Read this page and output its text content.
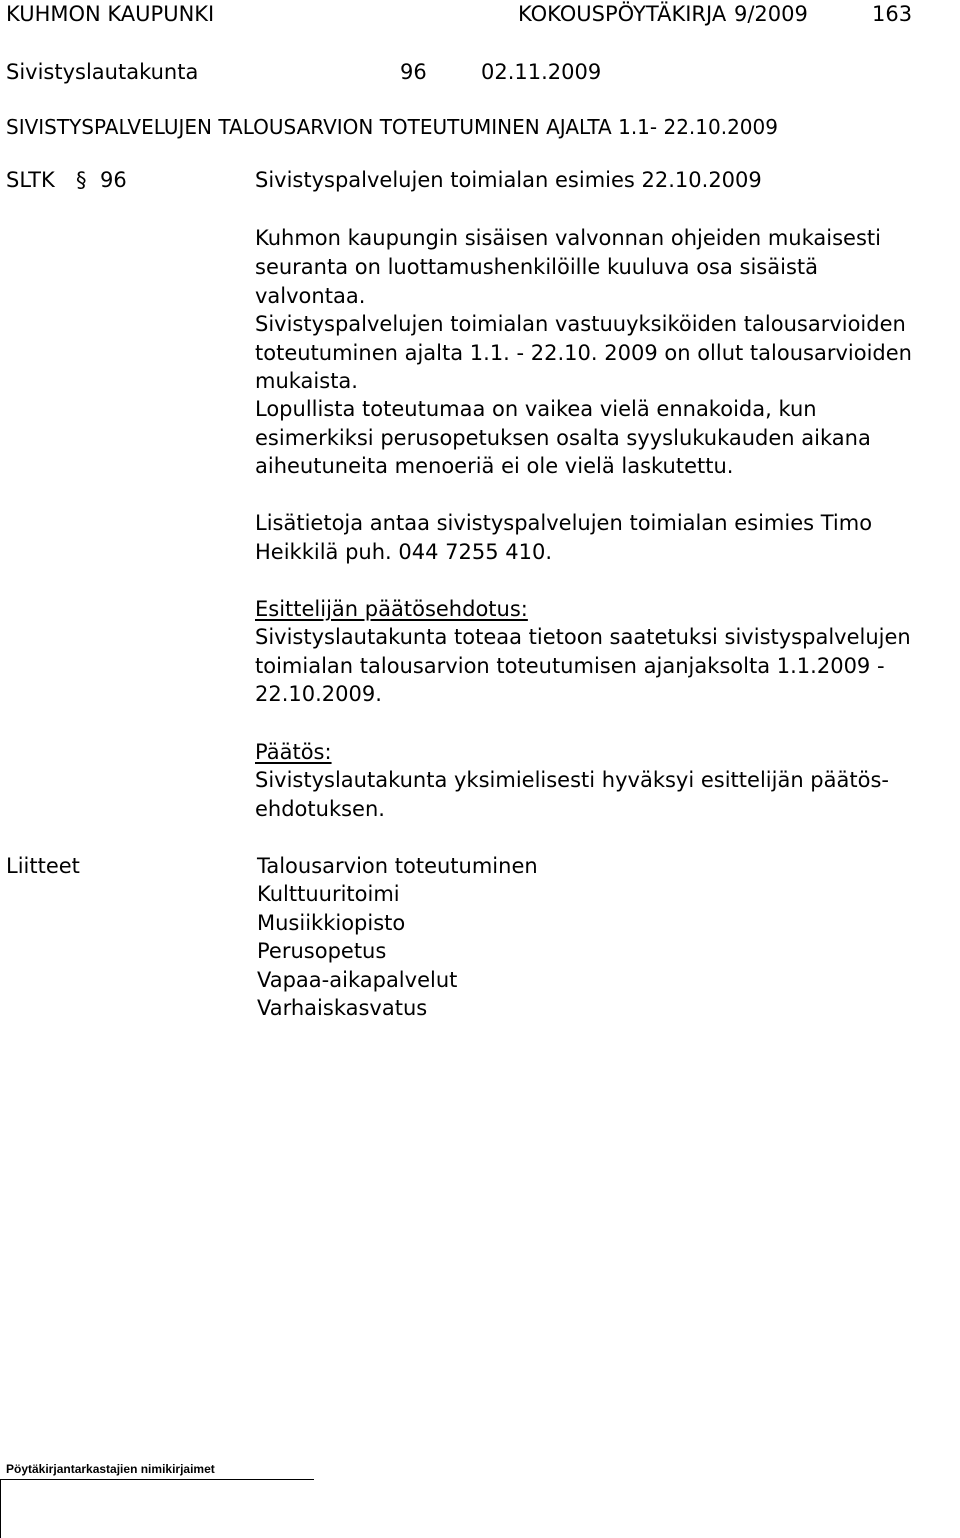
KUHMON KAUPUNKI	KOKOUSPÖYTÄKIRJA 9/2009	163
Sivistyslautakunta	96	02.11.2009
SIVISTYSPALVELUJEN TALOUSARVION TOTEUTUMINEN AJALTA 1.1- 22.10.2009
SLTK § 96	Sivistyspalvelujen toimialan esimies 22.10.2009
Kuhmon kaupungin sisäisen valvonnan ohjeiden mukaisesti
seuranta on luottamushenkilöille kuuluva osa sisäistä
valvontaa.
Sivistyspalvelujen toimialan vastuuyksiköiden talousarvioiden
toteutuminen ajalta 1.1. - 22.10. 2009 on ollut talousarvioiden
mukaista.
Lopullista toteutumaa on vaikea vielä ennakoida, kun
esimerkiksi perusopetuksen osalta syyslukukauden aikana
aiheutuneita menoeriä ei ole vielä laskutettu.
Lisätietoja antaa sivistyspalvelujen toimialan esimies Timo
Heikkilä puh. 044 7255 410.
Esittelijän päätösehdotus:
Sivistyslautakunta toteaa tietoon saatetuksi sivistyspalvelujen
toimialan talousarvion toteutumisen ajanjaksolta 1.1.2009 -
22.10.2009.
Päätös:
Sivistyslautakunta yksimielisesti hyväksyi esittelijän päätös-
ehdotuksen.
Liitteet	Talousarvion toteutuminen
Kulttuuritoimi
Musiikkiopisto
Perusopetus
Vapaa-aikapalvelut
Varhaiskasvatus
Pöytäkirjantarkastajien nimikirjaimet
